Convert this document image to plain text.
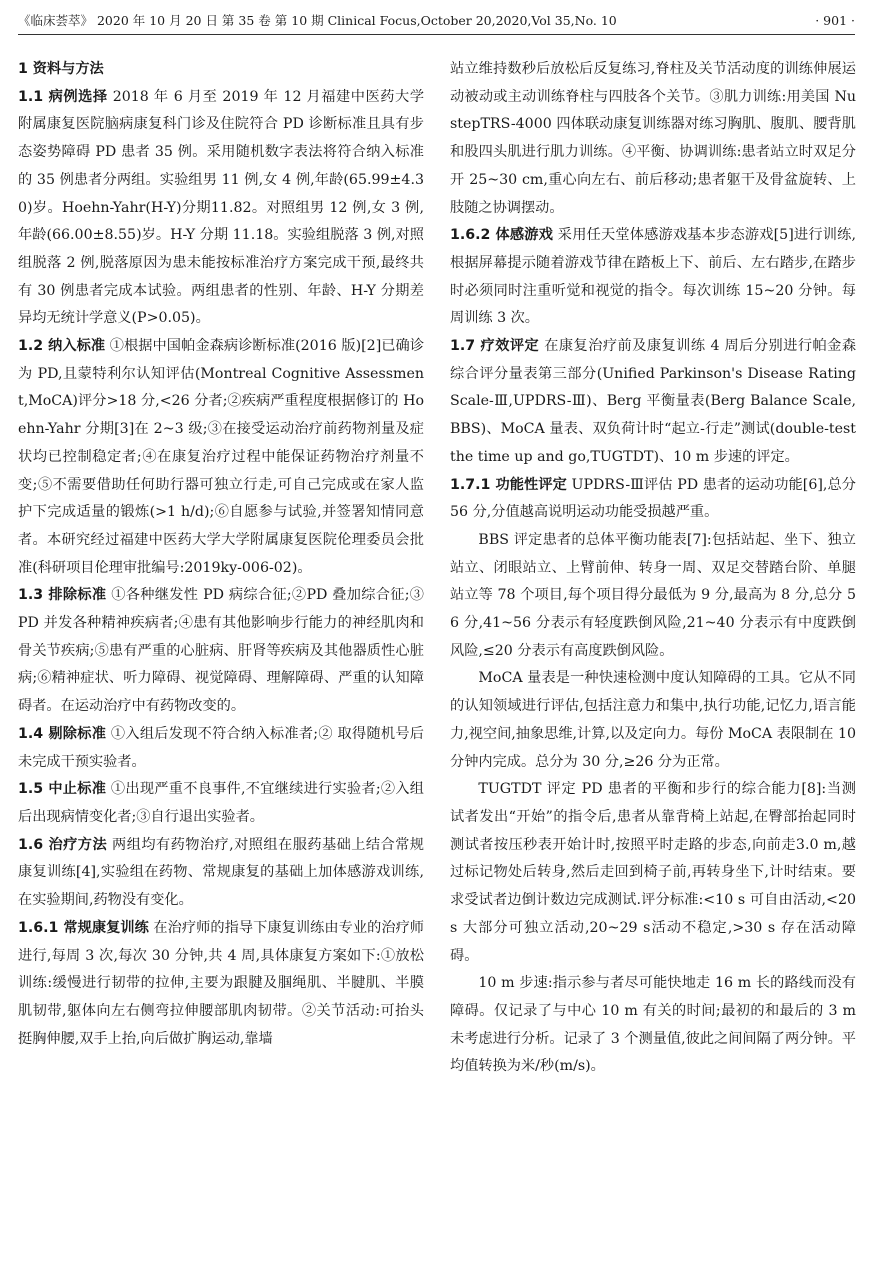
《临床荟萃》 2020 年 10 月 20 日 第 35 卷 第 10 期 Clinical Focus,October 20,2020,Vol 35,No. 10	· 901 ·

1 资料与方法

1.1 病例选择 2018 年 6 月至 2019 年 12 月福建中医药大学附属康复医院脑病康复科门诊及住院符合 PD 诊断标准且具有步态姿势障碍 PD 患者 35 例。采用随机数字表法将符合纳入标准的 35 例患者分两组。实验组男 11 例,女 4 例,年龄(65.99±4.30)岁。Hoehn-Yahr(H-Y)分期11.82。对照组男 12 例,女 3 例,年龄(66.00±8.55)岁。H-Y 分期 11.18。实验组脱落 3 例,对照组脱落 2 例,脱落原因为患未能按标准治疗方案完成干预,最终共有 30 例患者完成本试验。两组患者的性别、年龄、H-Y 分期差异均无统计学意义(P>0.05)。

1.2 纳入标准 ①根据中国帕金森病诊断标准(2016 版)[2]已确诊为 PD,且蒙特利尔认知评估(Montreal Cognitive Assessment,MoCA)评分>18 分,<26 分者;②疾病严重程度根据修订的 Hoehn-Yahr 分期[3]在 2~3 级;③在接受运动治疗前药物剂量及症状均已控制稳定者;④在康复治疗过程中能保证药物治疗剂量不变;⑤不需要借助任何助行器可独立行走,可自己完成或在家人监护下完成适量的锻炼(>1 h/d);⑥自愿参与试验,并签署知情同意者。本研究经过福建中医药大学大学附属康复医院伦理委员会批准(科研项目伦理审批编号:2019ky-006-02)。

1.3 排除标准 ①各种继发性 PD 病综合征;②PD 叠加综合征;③PD 并发各种精神疾病者;④患有其他影响步行能力的神经肌肉和骨关节疾病;⑤患有严重的心脏病、肝肾等疾病及其他器质性心脏病;⑥精神症状、听力障碍、视觉障碍、理解障碍、严重的认知障碍者。在运动治疗中有药物改变的。

1.4 剔除标准 ①入组后发现不符合纳入标准者;② 取得随机号后未完成干预实验者。

1.5 中止标准 ①出现严重不良事件,不宜继续进行实验者;②入组后出现病情变化者;③自行退出实验者。

1.6 治疗方法 两组均有药物治疗,对照组在服药基础上结合常规康复训练[4],实验组在药物、常规康复的基础上加体感游戏训练,在实验期间,药物没有变化。

1.6.1 常规康复训练 在治疗师的指导下康复训练由专业的治疗师进行,每周 3 次,每次 30 分钟,共 4 周,具体康复方案如下:①放松训练:缓慢进行韧带的拉伸,主要为跟腱及腘绳肌、半腱肌、半膜肌韧带,躯体向左右侧弯拉伸腰部肌肉韧带。②关节活动:可抬头挺胸伸腰,双手上抬,向后做扩胸运动,靠墙

站立维持数秒后放松后反复练习,脊柱及关节活动度的训练伸展运动被动或主动训练脊柱与四肢各个关节。③肌力训练:用美国 NustepTRS-4000 四体联动康复训练器对练习胸肌、腹肌、腰背肌和股四头肌进行肌力训练。④平衡、协调训练:患者站立时双足分开 25~30 cm,重心向左右、前后移动;患者躯干及骨盆旋转、上肢随之协调摆动。

1.6.2 体感游戏 采用任天堂体感游戏基本步态游戏[5]进行训练,根据屏幕提示随着游戏节律在踏板上下、前后、左右踏步,在踏步时必须同时注重听觉和视觉的指令。每次训练 15~20 分钟。每周训练 3 次。

1.7 疗效评定 在康复治疗前及康复训练 4 周后分别进行帕金森综合评分量表第三部分(Unified Parkinson's Disease Rating Scale-Ⅲ,UPDRS-Ⅲ)、Berg 平衡量表(Berg Balance Scale,BBS)、MoCA 量表、双负荷计时“起立-行走”测试(double-test the time up and go,TUGTDT)、10 m 步速的评定。

1.7.1 功能性评定 UPDRS-Ⅲ评估 PD 患者的运动功能[6],总分 56 分,分值越高说明运动功能受损越严重。

BBS 评定患者的总体平衡功能表[7]:包括站起、坐下、独立站立、闭眼站立、上臂前伸、转身一周、双足交替踏台阶、单腿站立等 78 个项目,每个项目得分最低为 9 分,最高为 8 分,总分 56 分,41~56 分表示有轻度跌倒风险,21~40 分表示有中度跌倒风险,≤20 分表示有高度跌倒风险。

MoCA 量表是一种快速检测中度认知障碍的工具。它从不同的认知领域进行评估,包括注意力和集中,执行功能,记忆力,语言能力,视空间,抽象思维,计算,以及定向力。每份 MoCA 表限制在 10 分钟内完成。总分为 30 分,≥26 分为正常。

TUGTDT 评定 PD 患者的平衡和步行的综合能力[8]:当测试者发出“开始”的指令后,患者从靠背椅上站起,在臀部抬起同时测试者按压秒表开始计时,按照平时走路的步态,向前走3.0 m,越过标记物处后转身,然后走回到椅子前,再转身坐下,计时结束。要求受试者边倒计数边完成测试.评分标准:<10 s 可自由活动,<20 s 大部分可独立活动,20~29 s活动不稳定,>30 s 存在活动障碍。

10 m 步速:指示参与者尽可能快地走 16 m 长的路线而没有障碍。仅记录了与中心 10 m 有关的时间;最初的和最后的 3 m 未考虑进行分析。记录了 3 个测量值,彼此之间间隔了两分钟。平均值转换为米/秒(m/s)。
